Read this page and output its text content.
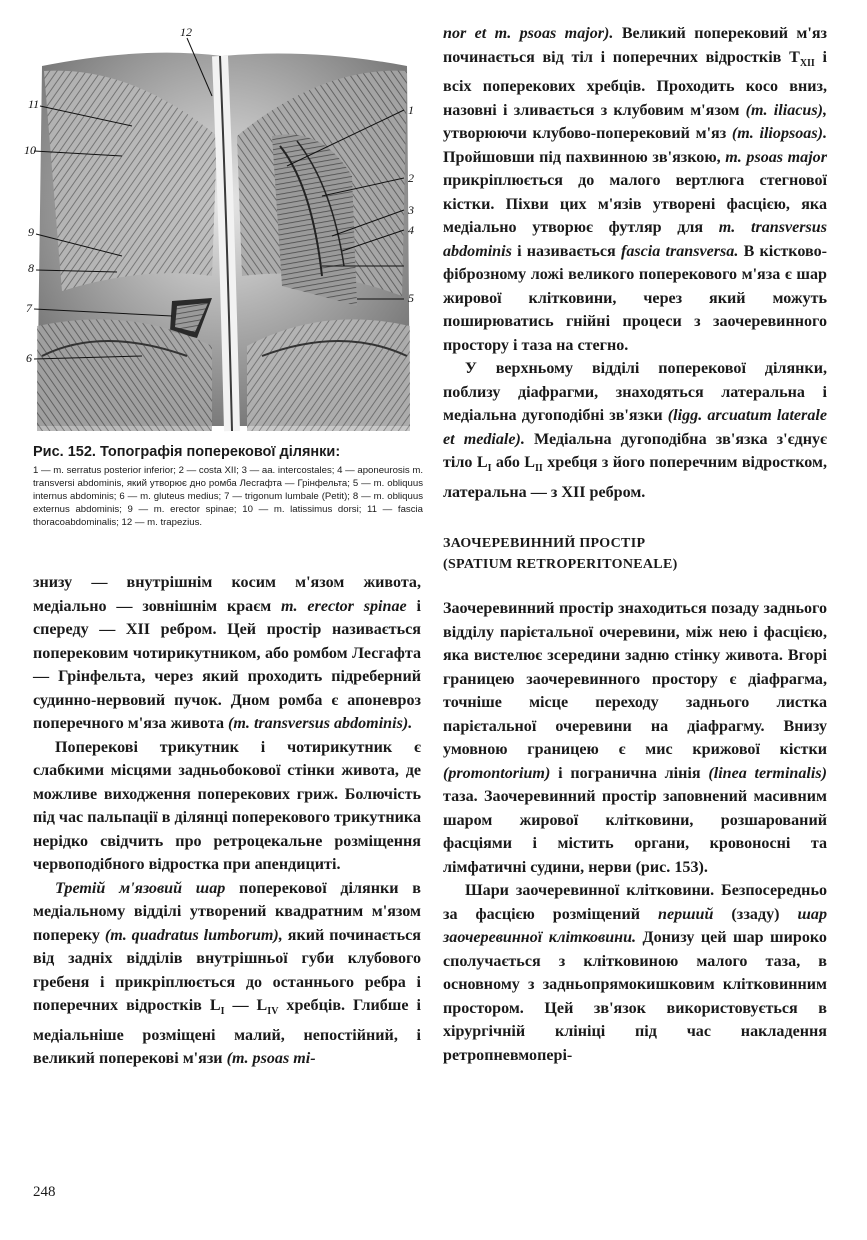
12
11
10
9
8
7
6
1
2
3
4
5

Рис. 152. Топографія поперекової ділянки:

1 — m. serratus posterior inferior; 2 — costa XII; 3 — aa. intercostales; 4 — aponeurosis m. transversi abdominis, який утворює дно ромба Лесгафта — Грінфельта; 5 — m. obliquus internus abdominis; 6 — m. gluteus medius; 7 — trigonum lumbale (Petit); 8 — m. obliquus externus abdominis; 9 — m. erector spinae; 10 — m. latissimus dorsi; 11 — fascia thoracoabdominalis; 12 — m. trapezius.

знизу — внутрішнім косим м'язом живота, медіально — зовнішнім краєм m. erector spinae і спереду — XII ребром. Цей простір називається поперековим чотирикутником, або ромбом Лесгафта — Грінфельта, через який проходить підреберний судинно-нервовий пучок. Дном ромба є апоневроз поперечного м'яза живота (m. transversus abdominis).

Поперекові трикутник і чотирикутник є слабкими місцями задньобокової стінки живота, де можливе виходження поперекових гриж. Болючість під час пальпації в ділянці поперекового трикутника нерідко свідчить про ретроцекальне розміщення червоподібного відростка при апендициті.

Третій м'язовий шар поперекової ділянки в медіальному відділі утворений квадратним м'язом попереку (m. quadratus lumborum), який починається від задніх відділів внутрішньої губи клубового гребеня і прикріплюється до останнього ребра і поперечних відростків $L_I$ — $L_{IV}$ хребців. Глибше і медіальніше розміщені малий, непостійний, і великий поперекові м'язи (m. psoas mi-

nor et m. psoas major). Великий поперековий м'яз починається від тіл і поперечних відростків $Т_{XII}$ і всіх поперекових хребців. Проходить косо вниз, назовні і зливається з клубовим м'язом (m. iliacus), утворюючи клубово-поперековий м'яз (m. iliopsoas). Пройшовши під пахвинною зв'язкою, m. psoas major прикріплюється до малого вертлюга стегнової кістки. Піхви цих м'язів утворені фасцією, яка медіально утворює футляр для m. transversus abdominis і називається fascia transversa. В кістково-фіброзному ложі великого поперекового м'яза є шар жирової клітковини, через який можуть поширюватись гнійні процеси з заочеревинного простору і таза на стегно.

У верхньому відділі поперекової ділянки, поблизу діафрагми, знаходяться латеральна і медіальна дугоподібні зв'язки (ligg. arcuatum laterale et mediale). Медіальна дугоподібна зв'язка з'єднує тіло $L_I$ або $L_{II}$ хребця з його поперечним відростком, латеральна — з XII ребром.

ЗАОЧЕРЕВИННИЙ ПРОСТІР

(SPATIUM RETROPERITONEALE)

Заочеревинний простір знаходиться позаду заднього відділу парієтальної очеревини, між нею і фасцією, яка вистелює зсередини задню стінку живота. Вгорі границею заочеревинного простору є діафрагма, точніше місце переходу заднього листка парієтальної очеревини на діафрагму. Внизу умовною границею є мис крижової кістки (promontorium) і погранична лінія (linea terminalis) таза. Заочеревинний простір заповнений масивним шаром жирової клітковини, розшарований фасціями і містить органи, кровоносні та лімфатичні судини, нерви (рис. 153).

Шари заочеревинної клітковини. Безпосередньо за фасцією розміщений перший (ззаду) шар заочеревинної клітковини. Донизу цей шар широко сполучається з клітковиною малого таза, в основному з задньопрямокишковим клітковинним простором. Цей зв'язок використовується в хірургічній клініці під час накладення ретропневмоперi-

248
